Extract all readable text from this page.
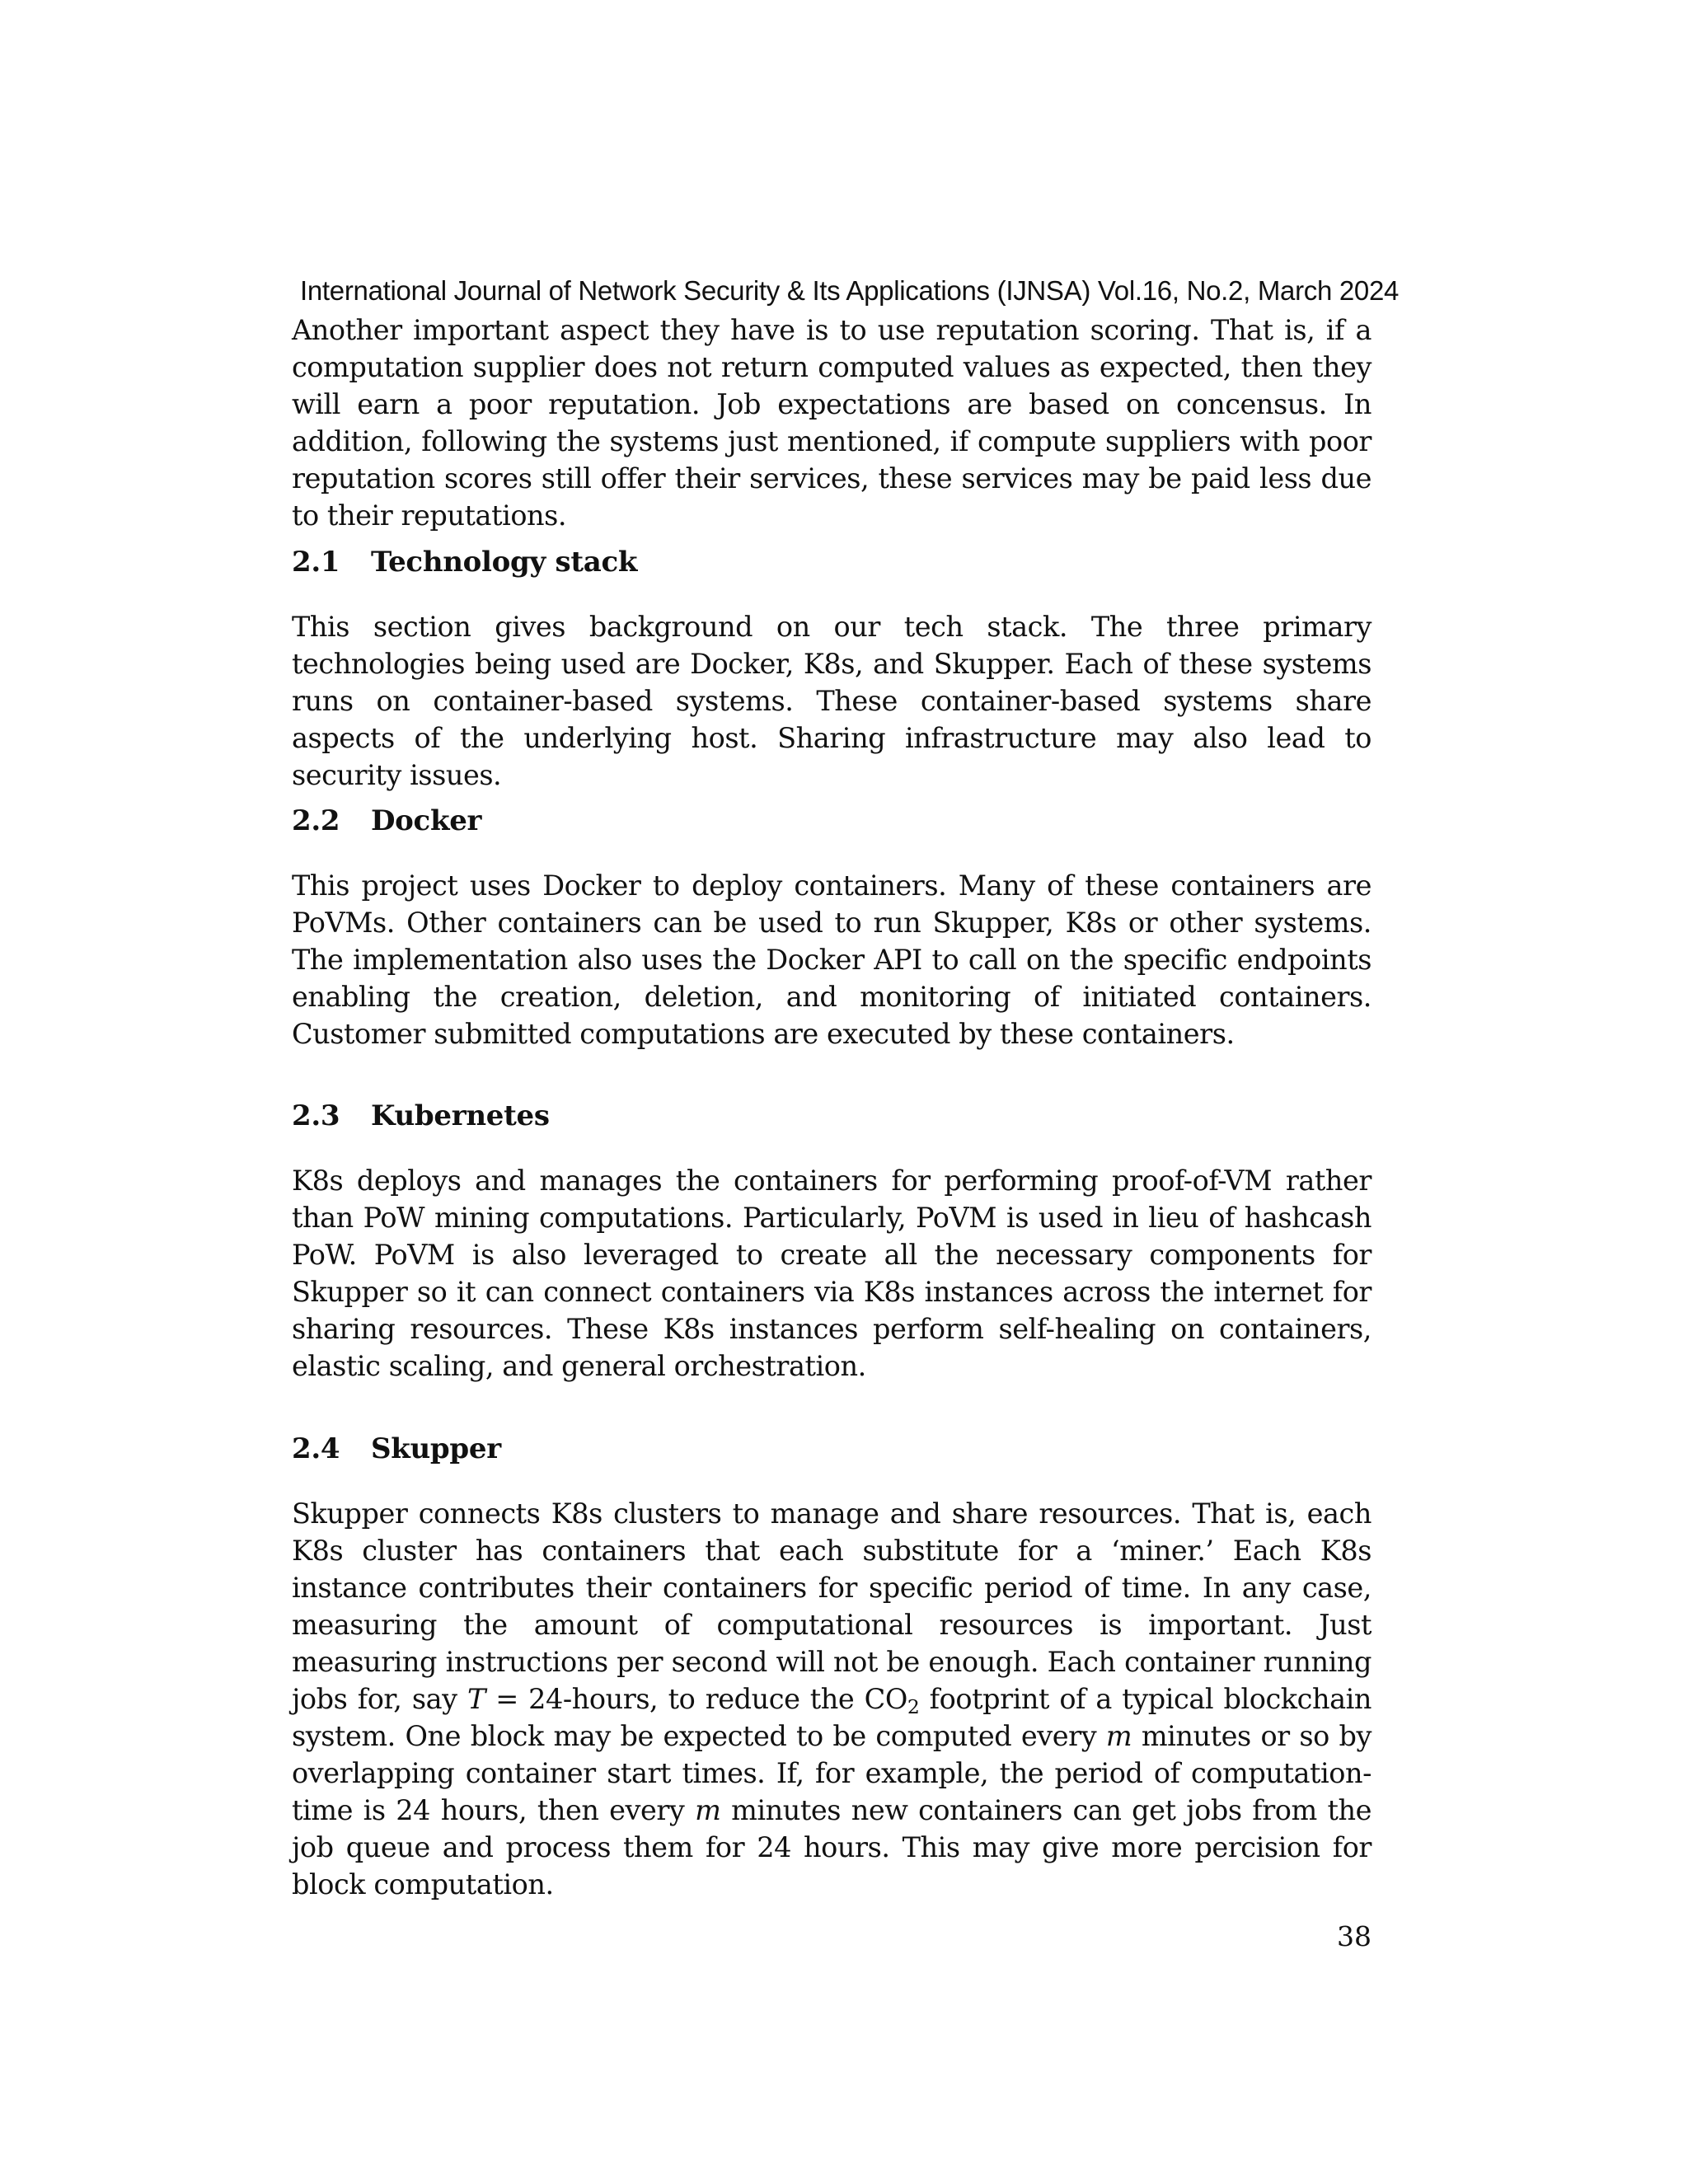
International Journal of Network Security & Its Applications (IJNSA) Vol.16, No.2, March 2024

Another important aspect they have is to use reputation scoring. That is, if a computation supplier does not return computed values as expected, then they will earn a poor reputation. Job expectations are based on concensus. In addition, following the systems just mentioned, if compute suppliers with poor reputation scores still offer their services, these services may be paid less due to their reputations.

2.1 Technology stack

This section gives background on our tech stack. The three primary technologies being used are Docker, K8s, and Skupper. Each of these systems runs on container-based systems. These container-based systems share aspects of the underlying host. Sharing infrastructure may also lead to security issues.

2.2 Docker

This project uses Docker to deploy containers. Many of these containers are PoVMs. Other containers can be used to run Skupper, K8s or other systems. The implementation also uses the Docker API to call on the specific endpoints enabling the creation, deletion, and monitoring of initiated containers. Customer submitted computations are executed by these containers.

2.3 Kubernetes

K8s deploys and manages the containers for performing proof-of-VM rather than PoW mining computations. Particularly, PoVM is used in lieu of hashcash PoW. PoVM is also leveraged to create all the necessary components for Skupper so it can connect containers via K8s instances across the internet for sharing resources. These K8s instances perform self-healing on containers, elastic scaling, and general orchestration.

2.4 Skupper

Skupper connects K8s clusters to manage and share resources. That is, each K8s cluster has containers that each substitute for a ‘miner.’ Each K8s instance contributes their containers for specific period of time. In any case, measuring the amount of computational resources is important. Just measuring instructions per second will not be enough. Each container running jobs for, say T = 24-hours, to reduce the $CO_2$ footprint of a typical blockchain system. One block may be expected to be computed every m minutes or so by overlapping container start times. If, for example, the period of computation-time is 24 hours, then every m minutes new containers can get jobs from the job queue and process them for 24 hours. This may give more percision for block computation.

38
